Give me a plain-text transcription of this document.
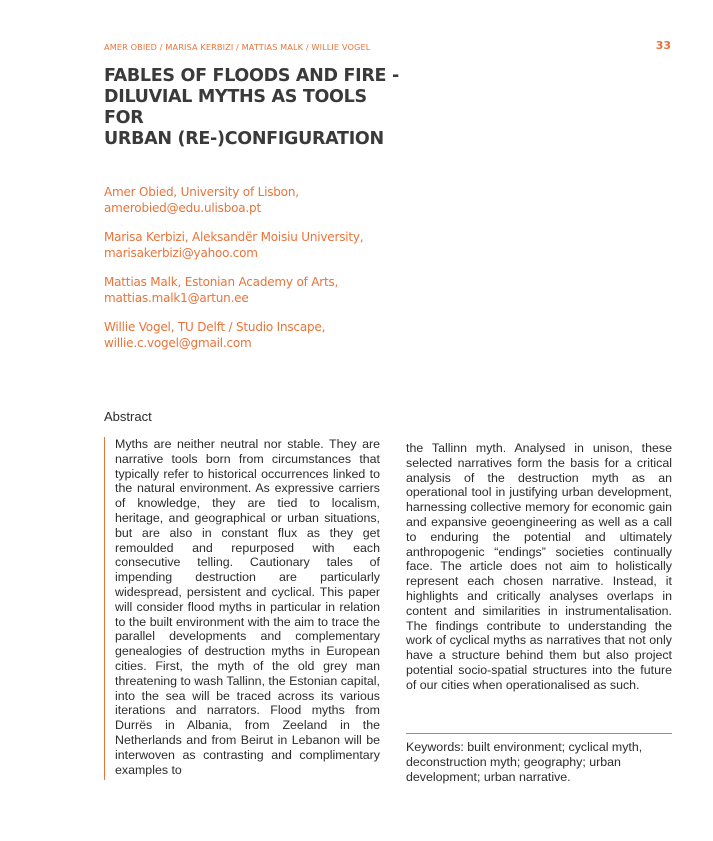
AMER OBIED / MARISA KERBIZI / MATTIAS MALK / WILLIE VOGEL	33
FABLES OF FLOODS AND FIRE -
DILUVIAL MYTHS AS TOOLS FOR
URBAN (RE-)CONFIGURATION
Amer Obied, University of Lisbon,
amerobied@edu.ulisboa.pt
Marisa Kerbizi, Aleksandër Moisiu University,
marisakerbizi@yahoo.com
Mattias Malk, Estonian Academy of Arts,
mattias.malk1@artun.ee
Willie Vogel, TU Delft / Studio Inscape,
willie.c.vogel@gmail.com
Abstract

Myths are neither neutral nor stable. They are narrative tools born from circumstances that typically refer to historical occurrences linked to the natural environment. As expressive carriers of knowledge, they are tied to localism, heritage, and geographical or urban situations, but are also in constant flux as they get remoulded and repurposed with each consecutive telling. Cautionary tales of impending destruction are particularly widespread, persistent and cyclical. This paper will consider flood myths in particular in relation to the built environment with the aim to trace the parallel developments and complementary genealogies of destruction myths in European cities. First, the myth of the old grey man threatening to wash Tallinn, the Estonian capital, into the sea will be traced across its various iterations and narrators. Flood myths from Durrës in Albania, from Zeeland in the Netherlands and from Beirut in Lebanon will be interwoven as contrasting and complimentary examples to

the Tallinn myth. Analysed in unison, these selected narratives form the basis for a critical analysis of the destruction myth as an operational tool in justifying urban development, harnessing collective memory for economic gain and expansive geoengineering as well as a call to enduring the potential and ultimately anthropogenic “endings” societies continually face. The article does not aim to holistically represent each chosen narrative. Instead, it highlights and critically analyses overlaps in content and similarities in instrumentalisation. The findings contribute to understanding the work of cyclical myths as narratives that not only have a structure behind them but also project potential socio-spatial structures into the future of our cities when operationalised as such.

Keywords: built environment; cyclical myth, deconstruction myth; geography; urban development; urban narrative.
